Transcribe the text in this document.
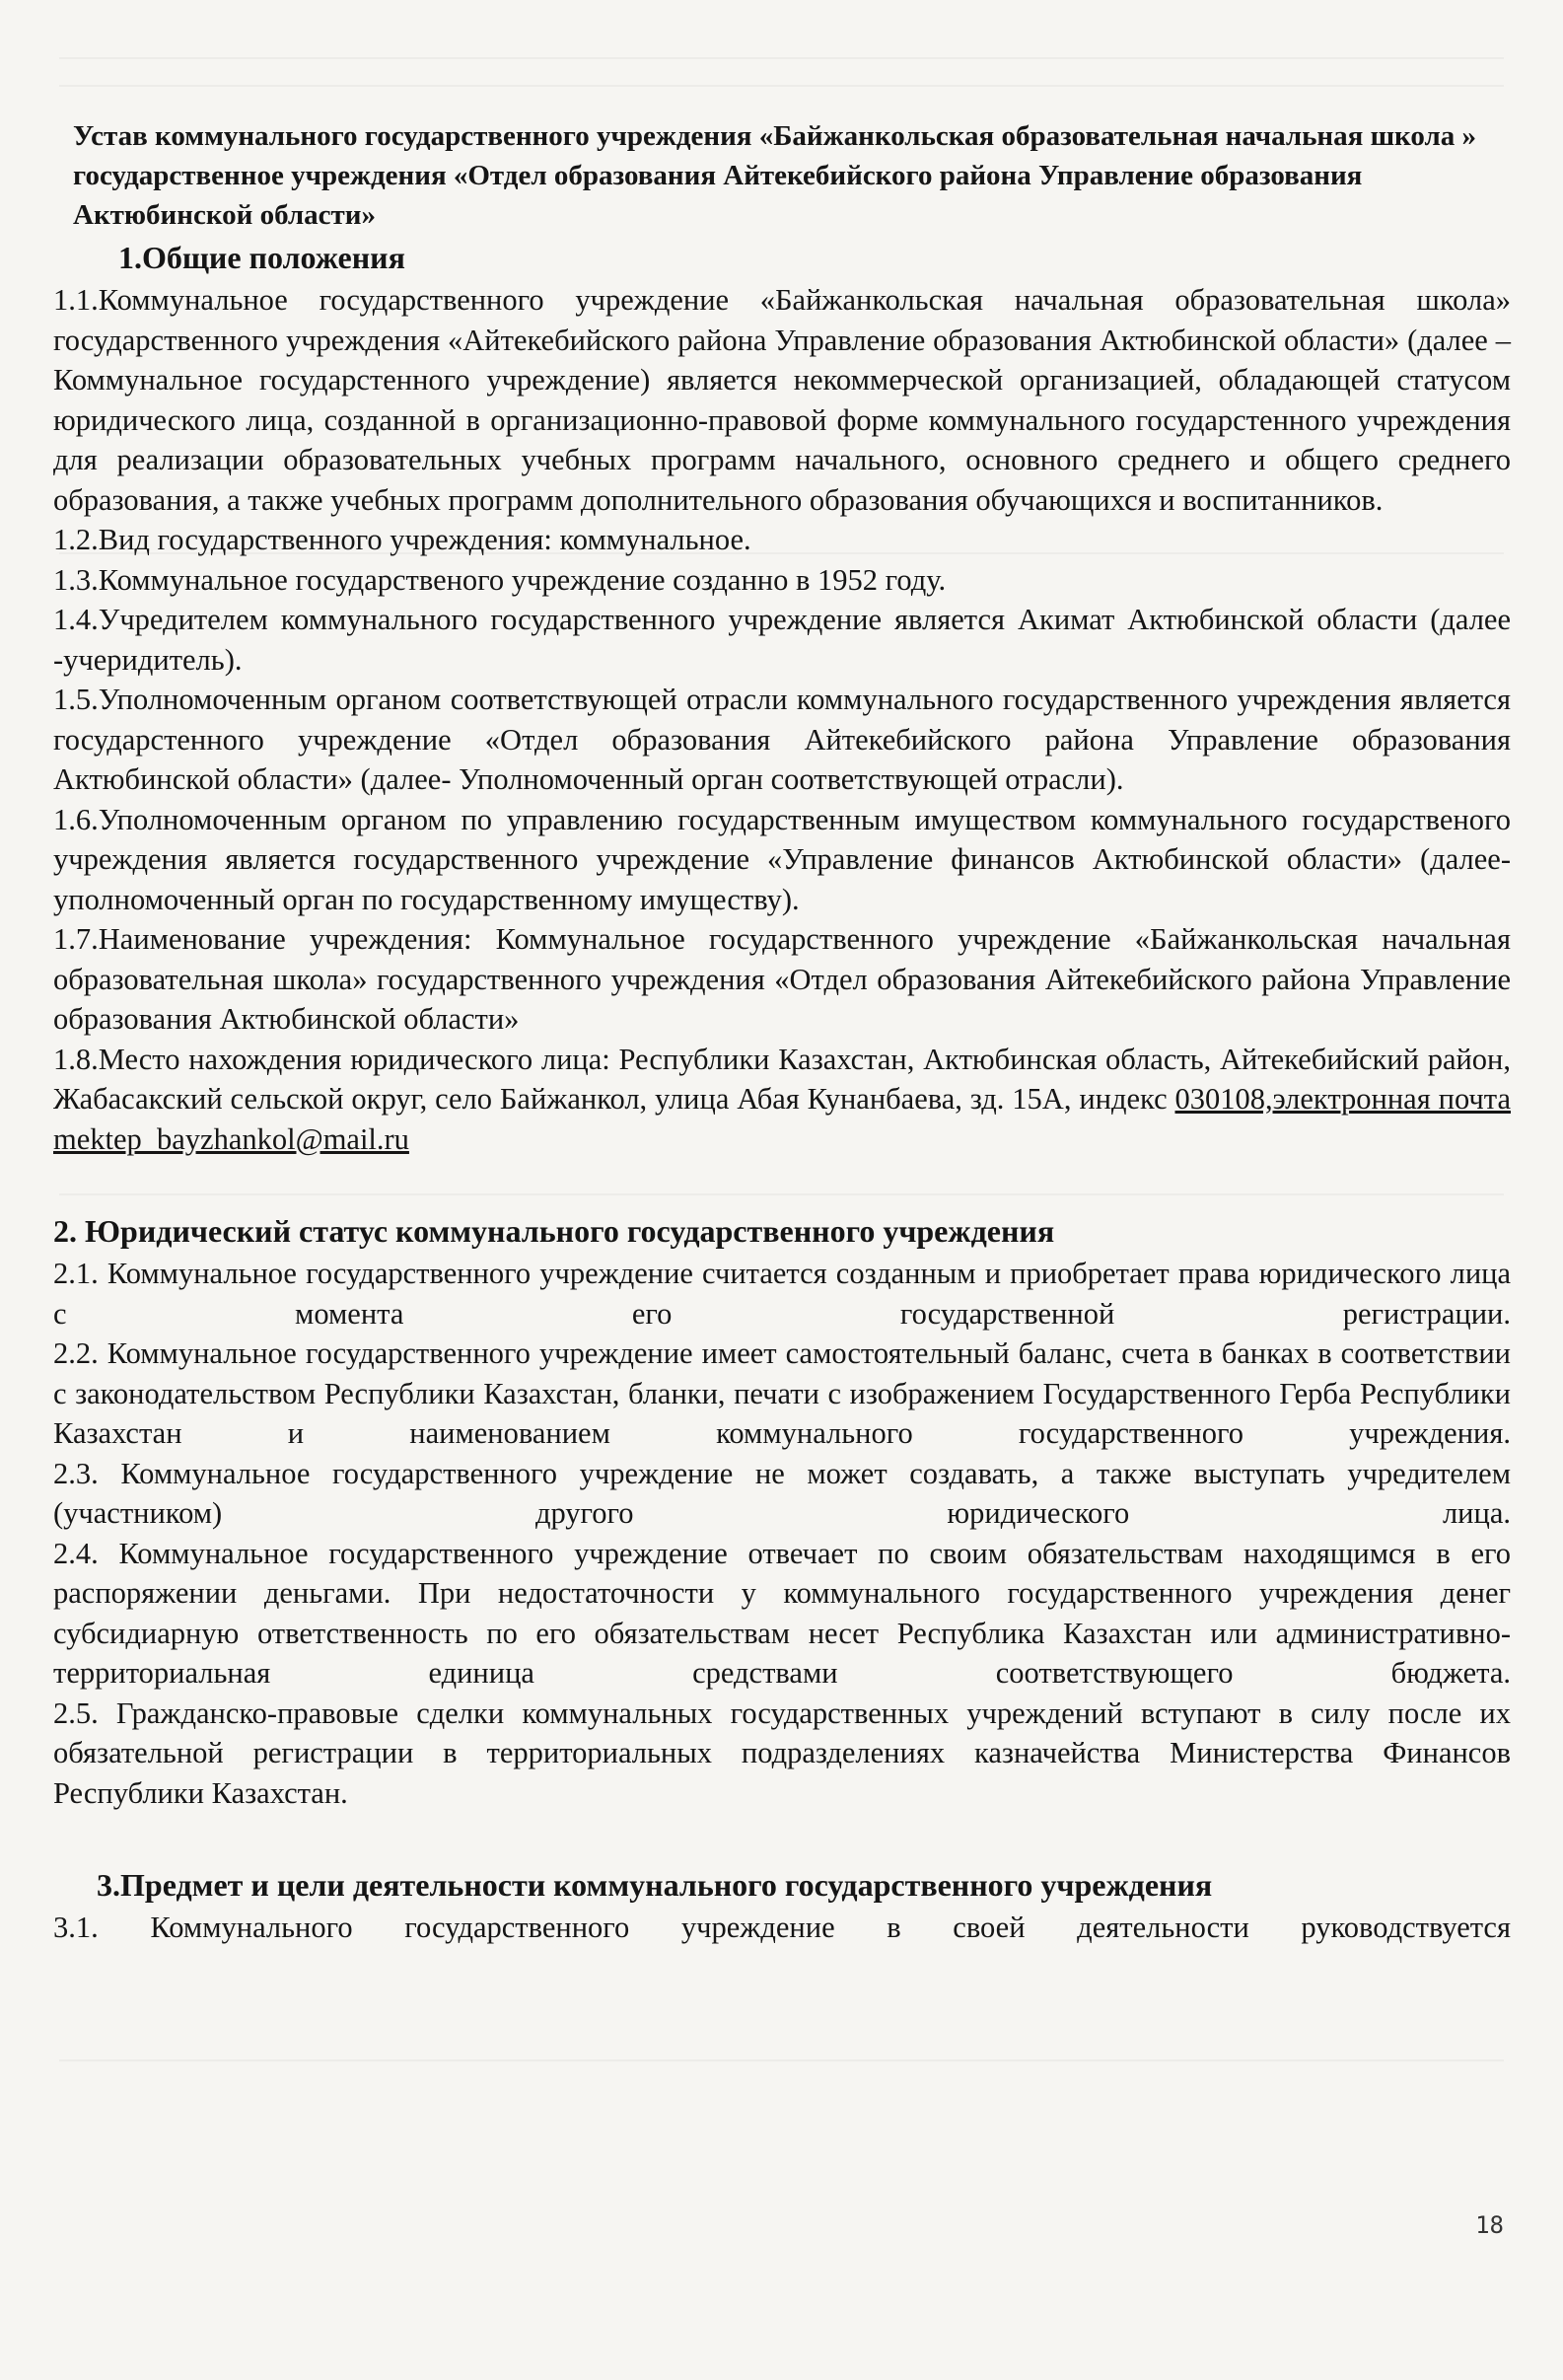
Устав коммунального государственного учреждения «Байжанкольская образовательная начальная школа » государственное учреждения «Отдел образования Айтекебийского района Управление образования Актюбинской области»
1.Общие положения
1.1.Коммунальное государственного учреждение «Байжанкольская начальная образовательная школа» государственного учреждения «Айтекебийского района Управление образования Актюбинской области» (далее – Коммунальное государстенного учреждение) является некоммерческой организацией, обладающей статусом юридического лица, созданной в организационно-правовой форме коммунального государстенного учреждения для реализации образовательных учебных программ начального, основного среднего и общего среднего образования, а также учебных программ дополнительного образования обучающихся и воспитанников.
1.2.Вид государственного учреждения: коммунальное.
1.3.Коммунальное государственого учреждение созданно в 1952 году.
1.4.Учредителем коммунального государственного учреждение является Акимат Актюбинской области (далее -учеридитель).
1.5.Уполномоченным органом соответствующей отрасли коммунального государственного учреждения является государстенного учреждение «Отдел образования Айтекебийского района Управление образования Актюбинской области» (далее- Уполномоченный орган соответствующей отрасли).
1.6.Уполномоченным органом по управлению государственным имуществом коммунального государственого учреждения является государственного учреждение «Управление финансов Актюбинской области» (далее- уполномоченный орган по государственному имуществу).
1.7.Наименование учреждения: Коммунальное государственного учреждение «Байжанкольская начальная образовательная школа» государственного учреждения «Отдел образования Айтекебийского района Управление образования Актюбинской области»
1.8.Место нахождения юридического лица: Республики Казахстан, Актюбинская область, Айтекебийский район, Жабасакский сельской округ, село Байжанкол, улица Абая Кунанбаева, зд. 15А, индекс 030108,электронная почта mektep_bayzhankol@mail.ru
2. Юридический статус коммунального государственного учреждения
2.1. Коммунальное государственного учреждение считается созданным и приобретает права юридического лица с момента его государственной регистрации.
2.2. Коммунальное государственного учреждение имеет самостоятельный баланс, счета в банках в соответствии с законодательством Республики Казахстан, бланки, печати с изображением Государственного Герба Республики Казахстан и наименованием коммунального государственного учреждения.
2.3. Коммунальное государственного учреждение не может создавать, а также выступать учредителем (участником) другого юридического лица.
2.4. Коммунальное государственного учреждение отвечает по своим обязательствам находящимся в его распоряжении деньгами. При недостаточности у коммунального государственного учреждения денег субсидиарную ответственность по его обязательствам несет Республика Казахстан или административно-территориальная единица средствами соответствующего бюджета.
2.5. Гражданско-правовые сделки коммунальных государственных учреждений вступают в силу после их обязательной регистрации в территориальных подразделениях казначейства Министерства Финансов Республики Казахстан.
3.Предмет и цели деятельности коммунального государственного учреждения
3.1. Коммунального государственного учреждение в своей деятельности руководствуется
18
